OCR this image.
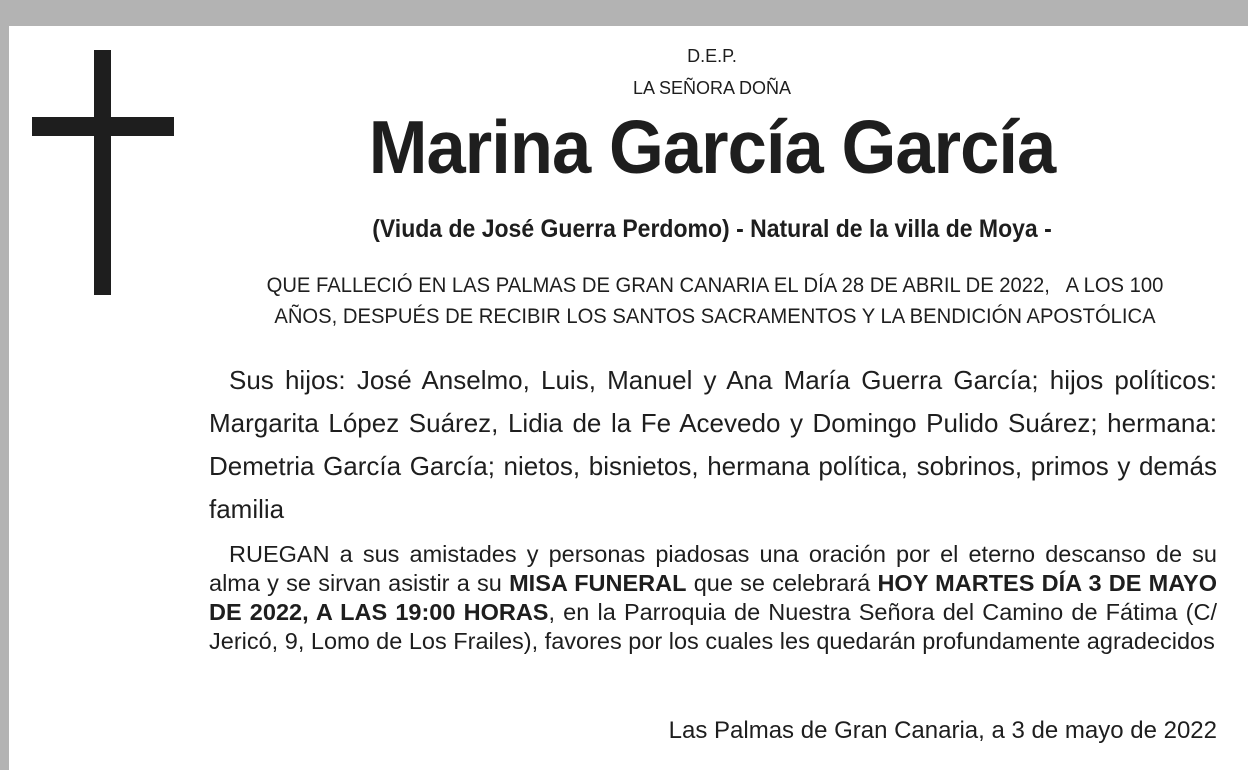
D.E.P.
LA SEÑORA DOÑA
Marina García García
(Viuda de José Guerra Perdomo) - Natural de la villa de Moya -
QUE FALLECIÓ EN LAS PALMAS DE GRAN CANARIA EL DÍA 28 DE ABRIL DE 2022,   A LOS 100
AÑOS, DESPUÉS DE RECIBIR LOS SANTOS SACRAMENTOS Y LA BENDICIÓN APOSTÓLICA
Sus hijos: José Anselmo, Luis, Manuel y Ana María Guerra García; hijos políticos: Margarita López Suárez, Lidia de la Fe Acevedo y Domingo Pulido Suárez; hermana: Demetria García García; nietos, bisnietos, hermana política, sobrinos, primos y demás familia
RUEGAN a sus amistades y personas piadosas una oración por el eterno descanso de su alma y se sirvan asistir a su MISA FUNERAL que se celebrará HOY MARTES DÍA 3 DE MAYO DE 2022, A LAS 19:00 HORAS, en la Parroquia de Nuestra Señora del Camino de Fátima (C/ Jericó, 9, Lomo de Los Frailes), favores por los cuales les quedarán profundamente agradecidos
Las Palmas de Gran Canaria, a 3 de mayo de 2022
